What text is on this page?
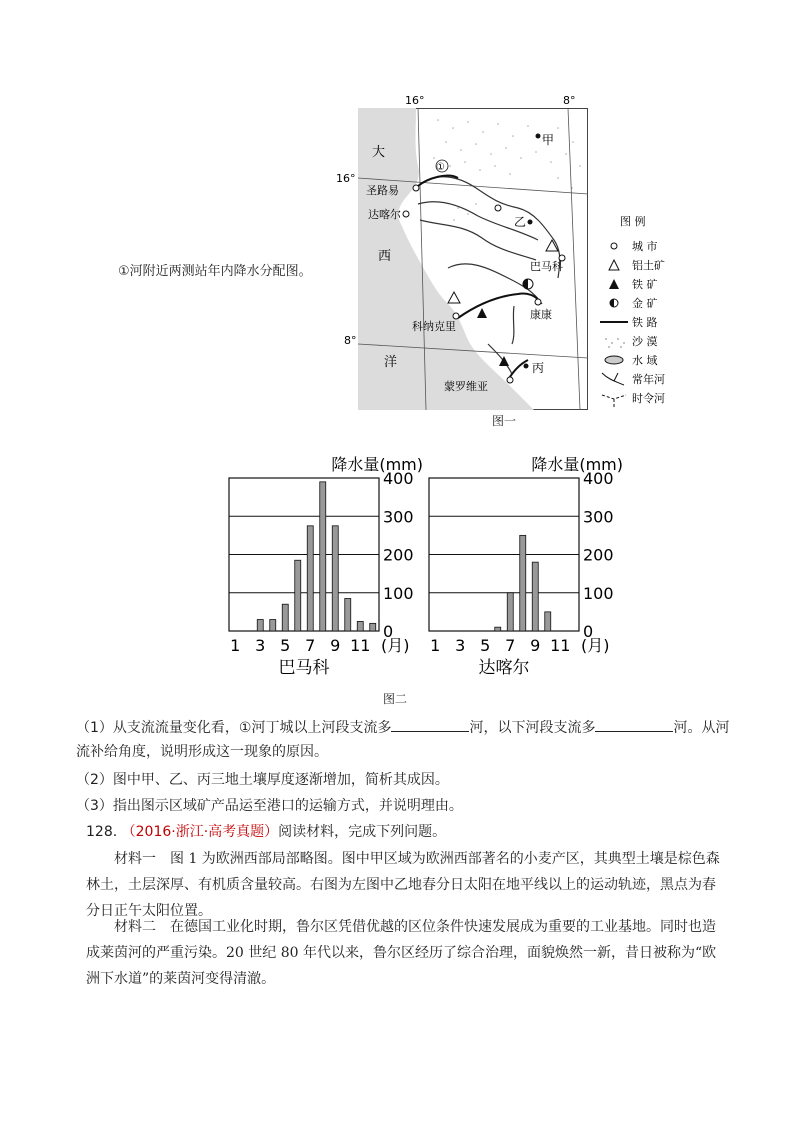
①河附近两测站年内降水分配图。
16°	8°
16°
8°
大
西
洋
甲
乙
丙
①
圣路易
达喀尔
巴马科
科纳克里
康康
蒙罗维亚
图 例
城 市
铝土矿
铁 矿
金 矿
铁 路
沙 漠
水 域
常年河
时令河
图一
0
100
200
300
400
降水量(mm)
1 3 5 7 9 11 (月)
巴马科
0
100
200
300
400
降水量(mm)
1 3 5 7 9 11 (月)
达喀尔
图二
（1）从支流流量变化看，①河丁城以上河段支流多	河，以下河段支流多	河。从河
流补给角度，说明形成这一现象的原因。
（2）图中甲、乙、丙三地土壤厚度逐渐增加，简析其成因。
（3）指出图示区域矿产品运至港口的运输方式，并说明理由。
128. （2016·浙江·高考真题）阅读材料，完成下列问题。
材料一　图 1 为欧洲西部局部略图。图中甲区域为欧洲西部著名的小麦产区，其典型土壤是棕色森林土，土层深厚、有机质含量较高。右图为左图中乙地春分日太阳在地平线以上的运动轨迹，黑点为春分日正午太阳位置。
材料二　在德国工业化时期，鲁尔区凭借优越的区位条件快速发展成为重要的工业基地。同时也造成莱茵河的严重污染。20 世纪 80 年代以来，鲁尔区经历了综合治理，面貌焕然一新，昔日被称为“欧洲下水道”的莱茵河变得清澈。
